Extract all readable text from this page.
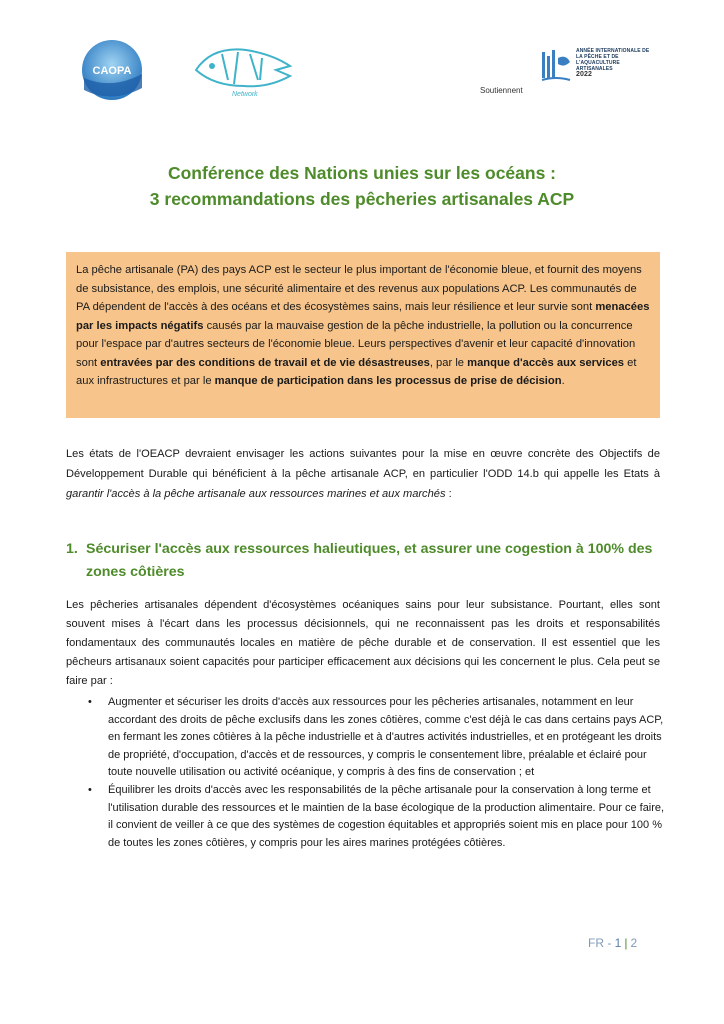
CAOPA
Network
ANNÉE INTERNATIONALE DE
LA PÊCHE ET DE L'AQUACULTURE
ARTISANALES
2022
Soutiennent
Conférence des Nations unies sur les océans :
3 recommandations des pêcheries artisanales ACP
La pêche artisanale (PA) des pays ACP est le secteur le plus important de l'économie bleue, et fournit des moyens de subsistance, des emplois, une sécurité alimentaire et des revenus aux populations ACP. Les communautés de PA dépendent de l'accès à des océans et des écosystèmes sains, mais leur résilience et leur survie sont menacées par les impacts négatifs causés par la mauvaise gestion de la pêche industrielle, la pollution ou la concurrence pour l'espace par d'autres secteurs de l'économie bleue. Leurs perspectives d'avenir et leur capacité d'innovation sont entravées par des conditions de travail et de vie désastreuses, par le manque d'accès aux services et aux infrastructures et par le manque de participation dans les processus de prise de décision.
Les états de l'OEACP devraient envisager les actions suivantes pour la mise en œuvre concrète des Objectifs de Développement Durable qui bénéficient à la pêche artisanale ACP, en particulier l'ODD 14.b qui appelle les Etats à garantir l'accès à la pêche artisanale aux ressources marines et aux marchés :
1. Sécuriser l'accès aux ressources halieutiques, et assurer une cogestion à 100% des
zones côtières
Les pêcheries artisanales dépendent d'écosystèmes océaniques sains pour leur subsistance. Pourtant, elles sont souvent mises à l'écart dans les processus décisionnels, qui ne reconnaissent pas les droits et responsabilités fondamentaux des communautés locales en matière de pêche durable et de conservation. Il est essentiel que les pêcheurs artisanaux soient capacités pour participer efficacement aux décisions qui les concernent le plus. Cela peut se faire par :
• Augmenter et sécuriser les droits d'accès aux ressources pour les pêcheries artisanales, notamment en leur accordant des droits de pêche exclusifs dans les zones côtières, comme c'est déjà le cas dans certains pays ACP, en fermant les zones côtières à la pêche industrielle et à d'autres activités industrielles, et en protégeant les droits de propriété, d'occupation, d'accès et de ressources, y compris le consentement libre, préalable et éclairé pour toute nouvelle utilisation ou activité océanique, y compris à des fins de conservation ; et
• Équilibrer les droits d'accès avec les responsabilités de la pêche artisanale pour la conservation à long terme et l'utilisation durable des ressources et le maintien de la base écologique de la production alimentaire. Pour ce faire, il convient de veiller à ce que des systèmes de cogestion équitables et appropriés soient mis en place pour 100 % de toutes les zones côtières, y compris pour les aires marines protégées côtières.
FR - 1 | 2
